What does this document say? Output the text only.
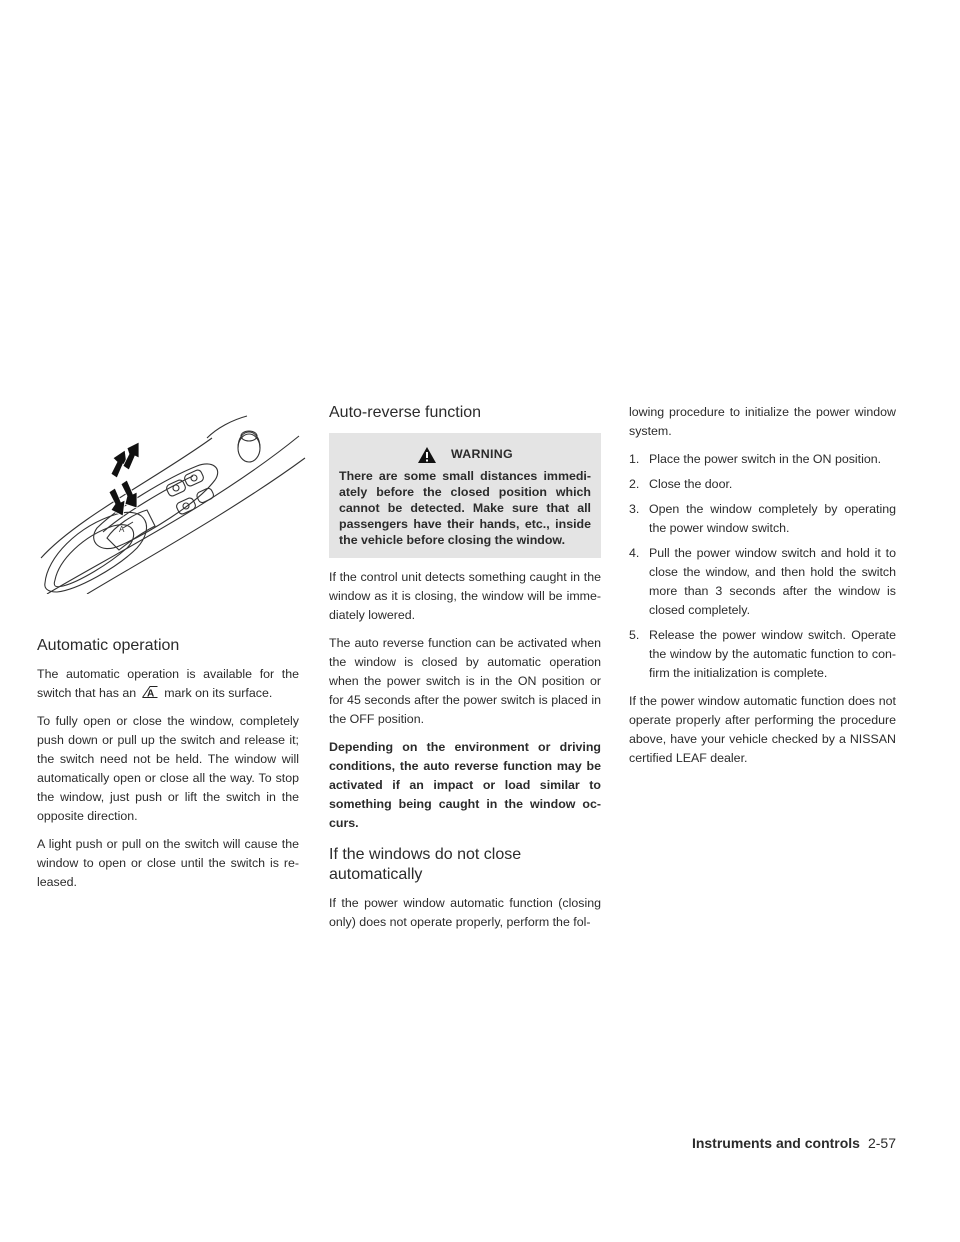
A
Automatic operation

The automatic operation is available for the switch that has an A mark on its surface.

To fully open or close the window, completely push down or pull up the switch and release it; the switch need not be held. The window will automatically open or close all the way. To stop the window, just push or lift the switch in the opposite direction.

A light push or pull on the switch will cause the window to open or close until the switch is re-leased.

Auto-reverse function
WARNING
There are some small distances immedi-ately before the closed position which cannot be detected. Make sure that all passengers have their hands, etc., inside the vehicle before closing the window.

If the control unit detects something caught in the window as it is closing, the window will be imme-diately lowered.

The auto reverse function can be activated when the window is closed by automatic operation when the power switch is in the ON position or for 45 seconds after the power switch is placed in the OFF position.

Depending on the environment or driving conditions, the auto reverse function may be activated if an impact or load similar to something being caught in the window oc-curs.

If the windows do not close automatically

If the power window automatic function (closing only) does not operate properly, perform the fol-

lowing procedure to initialize the power window system.

1. Place the power switch in the ON position.
2. Close the door.
3. Open the window completely by operating the power window switch.
4. Pull the power window switch and hold it to close the window, and then hold the switch more than 3 seconds after the window is closed completely.
5. Release the power window switch. Operate the window by the automatic function to con-firm the initialization is complete.

If the power window automatic function does not operate properly after performing the procedure above, have your vehicle checked by a NISSAN certified LEAF dealer.

Instruments and controls 2-57
